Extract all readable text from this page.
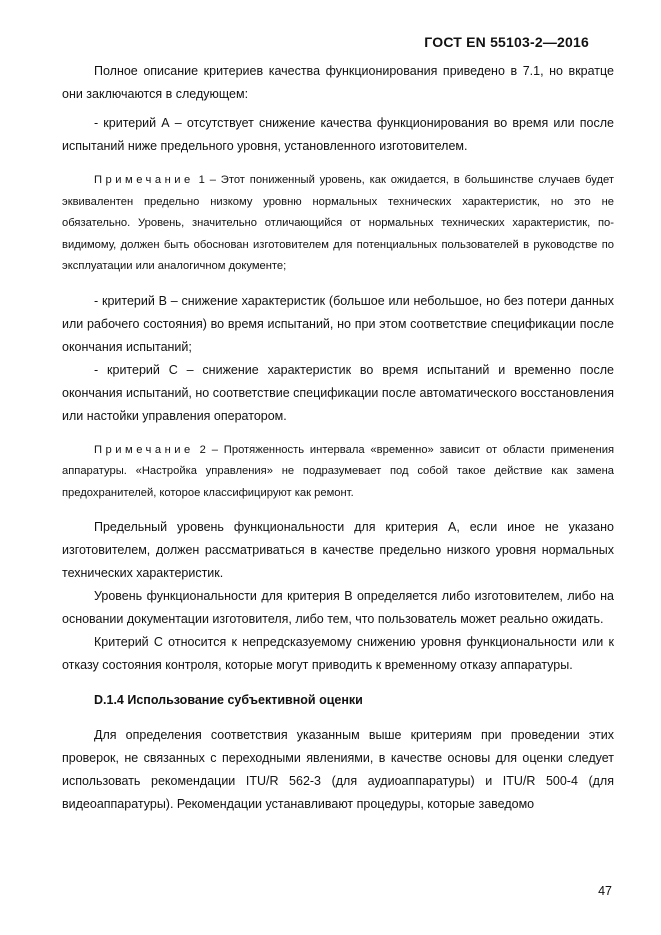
ГОСТ EN 55103-2—2016

Полное описание критериев качества функционирования приведено в 7.1, но вкратце они заключаются в следующем:

- критерий А – отсутствует снижение качества функционирования во время или после испытаний ниже предельного уровня, установленного изготовителем.

Примечание 1 – Этот пониженный уровень, как ожидается, в большинстве случаев будет эквивалентен предельно низкому уровню нормальных технических характеристик, но это не обязательно. Уровень, значительно отличающийся от нормальных технических характеристик, по-видимому, должен быть обоснован изготовителем для потенциальных пользователей в руководстве по эксплуатации или аналогичном документе;

- критерий В – снижение характеристик (большое или небольшое, но без потери данных или рабочего состояния) во время испытаний, но при этом соответствие спецификации после окончания испытаний;

- критерий С – снижение характеристик во время испытаний и временно после окончания испытаний, но соответствие спецификации после автоматического восстановления или настойки управления оператором.

Примечание 2 – Протяженность интервала «временно» зависит от области применения аппаратуры. «Настройка управления» не подразумевает под собой такое действие как замена предохранителей, которое классифицируют как ремонт.

Предельный уровень функциональности для критерия А, если иное не указано изготовителем, должен рассматриваться в качестве предельно низкого уровня нормальных технических характеристик.

Уровень функциональности для критерия В определяется либо изготовителем, либо на основании документации изготовителя, либо тем, что пользователь может реально ожидать.

Критерий С относится к непредсказуемому снижению уровня функциональности или к отказу состояния контроля, которые могут приводить к временному отказу аппаратуры.

D.1.4 Использование субъективной оценки

Для определения соответствия указанным выше критериям при проведении этих проверок, не связанных с переходными явлениями, в качестве основы для оценки следует использовать рекомендации ITU/R 562-3 (для аудиоаппаратуры) и ITU/R 500-4 (для видеоаппаратуры). Рекомендации устанавливают процедуры, которые заведомо

47
